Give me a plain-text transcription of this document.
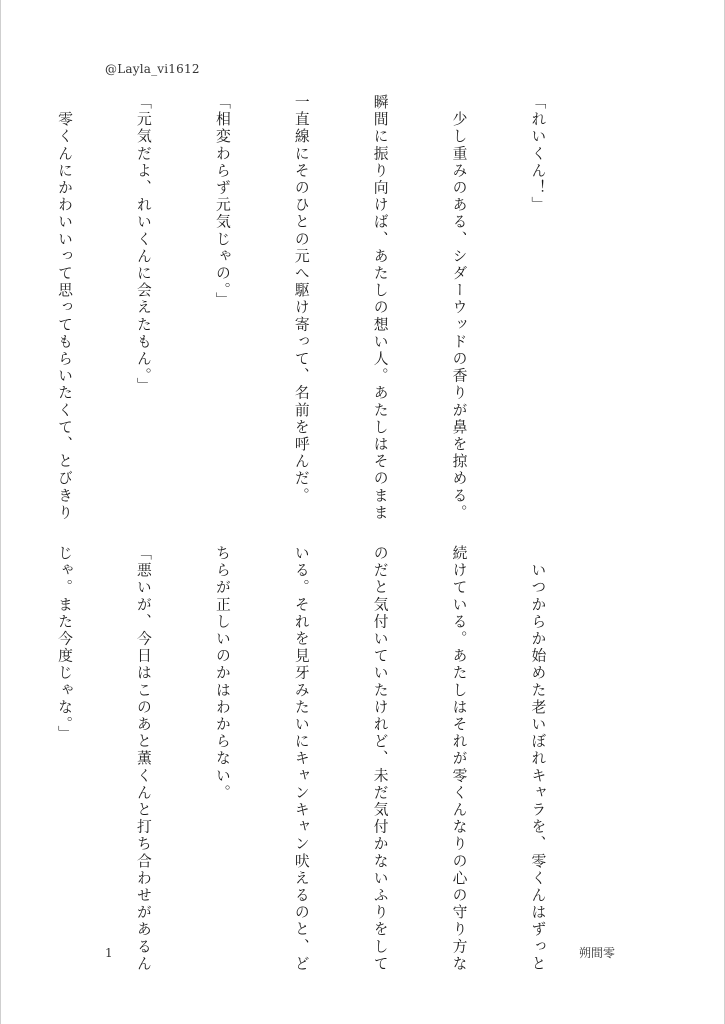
@Layla_vi1612

「れいくん！」

　少し重みのある、シダーウッドの香りが鼻を掠める。

瞬間に振り向けば、あたしの想い人。あたしはそのまま

一直線にそのひとの元へ駆け寄って、名前を呼んだ。

「相変わらず元気じゃの。」

「元気だよ、れいくんに会えたもん。」

　零くんにかわいいって思ってもらいたくて、とびきり

　いつからか始めた老いぼれキャラを、零くんはずっと

続けている。あたしはそれが零くんなりの心の守り方な

のだと気付いていたけれど、未だ気付かないふりをして

いる。それを見牙みたいにキャンキャン吠えるのと、ど

ちらが正しいのかはわからない。

「悪いが、今日はこのあと薫くんと打ち合わせがあるん

じゃ。また今度じゃな。」

1	朔間零
